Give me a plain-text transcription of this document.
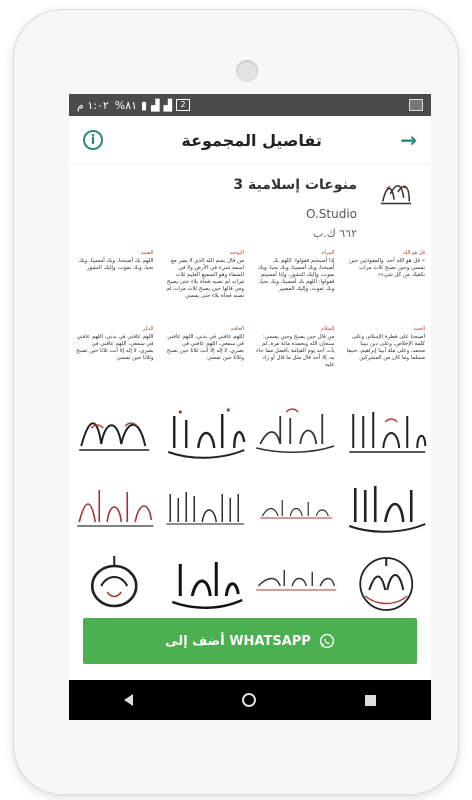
١:٠٢ م %٨١ ▮ ▟ ▟	2
i	تفاصيل المجموعة	→
منوعات إسلامية 3
O.Studio
٦٦٢ ك.ب
الصمد
اللهم بك أصبحنا، وبك أمسينا، وبك نحيا، وبك نموت، وإليك النشور
التوحيد
من قال بسم الله الذي لا يضر مع اسمه شيء في الأرض ولا في السماء وهو السميع العليم ثلاث مرات لم تصبه فجأة بلاء حتى يصبح ومن قالها حين يصبح ثلاث مرات لم تصبه فجأة بلاء حتى يمسي
المرأة
إذا أصبحتم فقولوا: اللهم بك أصبحنا، وبك أمسينا، وبك نحيا، وبك نموت، وإليك النشور، وإذا أمسيتم فقولوا: اللهم بك أمسينا، وبك نحيا، وبك نموت، وإليك المصير
قل هو الله
« قل هو الله أحد. والمعوذتين حين تمسي وحين تصبح ثلاث مرات تكفيك من كل شيء»
الذكر
اللهم عافني في بدني، اللهم عافني في سمعي، اللهم عافني في بصري، لا إله إلا أنت ثلاثا حين تصبح وثلاثا حين تمسي
العافية
اللهم عافني في بدني، اللهم عافني في سمعي، اللهم عافني في بصري، لا إله إلا أنت ثلاثا حين تصبح وثلاثا حين تمسي
السلام
من قال حين يصبح وحين يمسي: سبحان الله وبحمده مائة مرة، لم يأت أحد يوم القيامة بأفضل مما جاء به، إلا أحد قال مثل ما قال أو زاد عليه
الحمد
أصبحنا على فطرة الإسلام، وعلى كلمة الإخلاص، وعلى دين نبينا محمد، وعلى ملة أبينا إبراهيم، حنيفا مسلما وما كان من المشركين
أضف إلى WHATSAPP
